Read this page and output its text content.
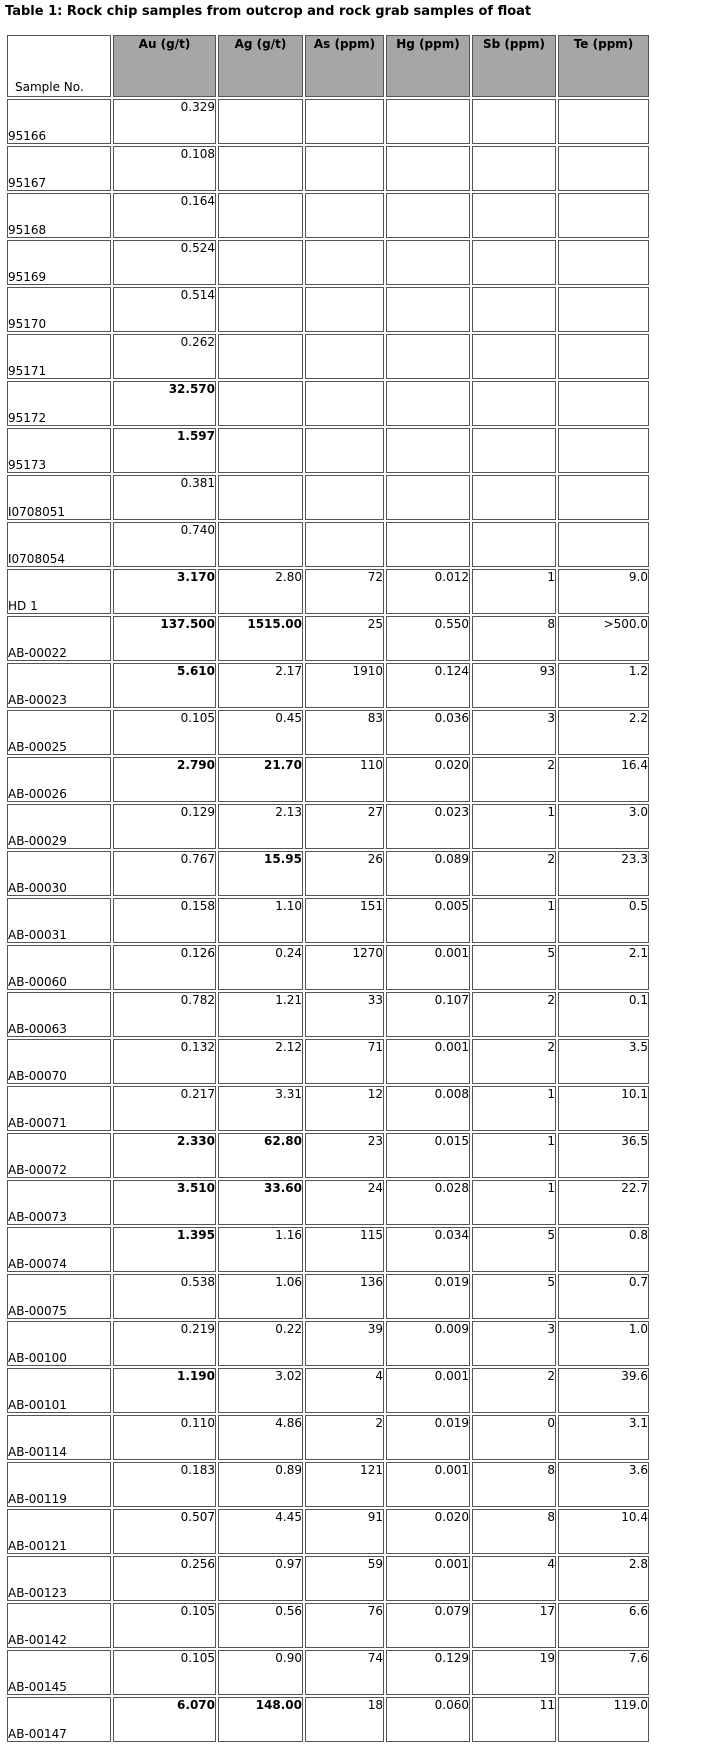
Table 1: Rock chip samples from outcrop and rock grab samples of float
Sample No.	Au (g/t)	Ag (g/t)	As (ppm)	Hg (ppm)	Sb (ppm)	Te (ppm)
95166	0.329					
95167	0.108					
95168	0.164					
95169	0.524					
95170	0.514					
95171	0.262					
95172	32.570					
95173	1.597					
I0708051	0.381					
I0708054	0.740					
HD 1	3.170	2.80	72	0.012	1	9.0
AB-00022	137.500	1515.00	25	0.550	8	>500.0
AB-00023	5.610	2.17	1910	0.124	93	1.2
AB-00025	0.105	0.45	83	0.036	3	2.2
AB-00026	2.790	21.70	110	0.020	2	16.4
AB-00029	0.129	2.13	27	0.023	1	3.0
AB-00030	0.767	15.95	26	0.089	2	23.3
AB-00031	0.158	1.10	151	0.005	1	0.5
AB-00060	0.126	0.24	1270	0.001	5	2.1
AB-00063	0.782	1.21	33	0.107	2	0.1
AB-00070	0.132	2.12	71	0.001	2	3.5
AB-00071	0.217	3.31	12	0.008	1	10.1
AB-00072	2.330	62.80	23	0.015	1	36.5
AB-00073	3.510	33.60	24	0.028	1	22.7
AB-00074	1.395	1.16	115	0.034	5	0.8
AB-00075	0.538	1.06	136	0.019	5	0.7
AB-00100	0.219	0.22	39	0.009	3	1.0
AB-00101	1.190	3.02	4	0.001	2	39.6
AB-00114	0.110	4.86	2	0.019	0	3.1
AB-00119	0.183	0.89	121	0.001	8	3.6
AB-00121	0.507	4.45	91	0.020	8	10.4
AB-00123	0.256	0.97	59	0.001	4	2.8
AB-00142	0.105	0.56	76	0.079	17	6.6
AB-00145	0.105	0.90	74	0.129	19	7.6
AB-00147	6.070	148.00	18	0.060	11	119.0
